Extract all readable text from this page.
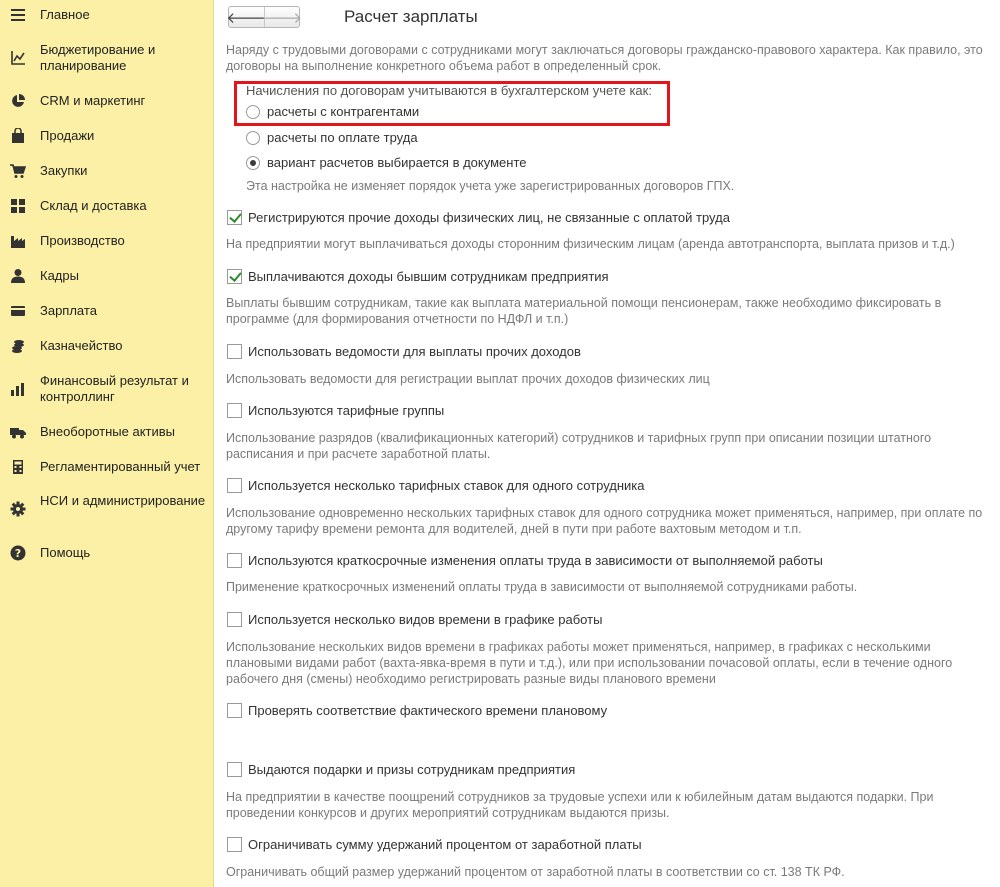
Главное
Бюджетирование и планирование
CRM и маркетинг
Продажи
Закупки
Склад и доставка
Производство
Кадры
Зарплата
Казначейство
Финансовый результат и контроллинг
Внеоборотные активы
Регламентированный учет
НСИ и администрирование
? Помощь
🡐
🡒 Расчет зарплаты
Наряду с трудовыми договорами с сотрудниками могут заключаться договоры гражданско-правового характера. Как правило, это договоры на выполнение конкретного объема работ в определенный срок.
Начисления по договорам учитываются в бухгалтерском учете как:
расчеты с контрагентами
расчеты по оплате труда
вариант расчетов выбирается в документе
Эта настройка не изменяет порядок учета уже зарегистрированных договоров ГПХ.
Регистрируются прочие доходы физических лиц, не связанные с оплатой труда
На предприятии могут выплачиваться доходы сторонним физическим лицам (аренда автотранспорта, выплата призов и т.д.)
Выплачиваются доходы бывшим сотрудникам предприятия
Выплаты бывшим сотрудникам, такие как выплата материальной помощи пенсионерам, также необходимо фиксировать в программе (для формирования отчетности по НДФЛ и т.п.)
Использовать ведомости для выплаты прочих доходов
Использовать ведомости для регистрации выплат прочих доходов физических лиц
Используются тарифные группы
Использование разрядов (квалификационных категорий) сотрудников и тарифных групп при описании позиции штатного расписания и при расчете заработной платы.
Используется несколько тарифных ставок для одного сотрудника
Использование одновременно нескольких тарифных ставок для одного сотрудника может применяться, например, при оплате по другому тарифу времени ремонта для водителей, дней в пути при работе вахтовым методом и т.п.
Используются краткосрочные изменения оплаты труда в зависимости от выполняемой работы
Применение краткосрочных изменений оплаты труда в зависимости от выполняемой сотрудниками работы.
Используется несколько видов времени в графике работы
Использование нескольких видов времени в графиках работы может применяться, например, в графиках с несколькими плановыми видами работ (вахта-явка-время в пути и т.д.), или при использовании почасовой оплаты, если в течение одного рабочего дня (смены) необходимо регистрировать разные виды планового времени
Проверять соответствие фактического времени плановому
Выдаются подарки и призы сотрудникам предприятия
На предприятии в качестве поощрений сотрудников за трудовые успехи или к юбилейным датам выдаются подарки. При проведении конкурсов и других мероприятий сотрудникам выдаются призы.
Ограничивать сумму удержаний процентом от заработной платы
Ограничивать общий размер удержаний процентом от заработной платы в соответствии со ст. 138 ТК РФ.
